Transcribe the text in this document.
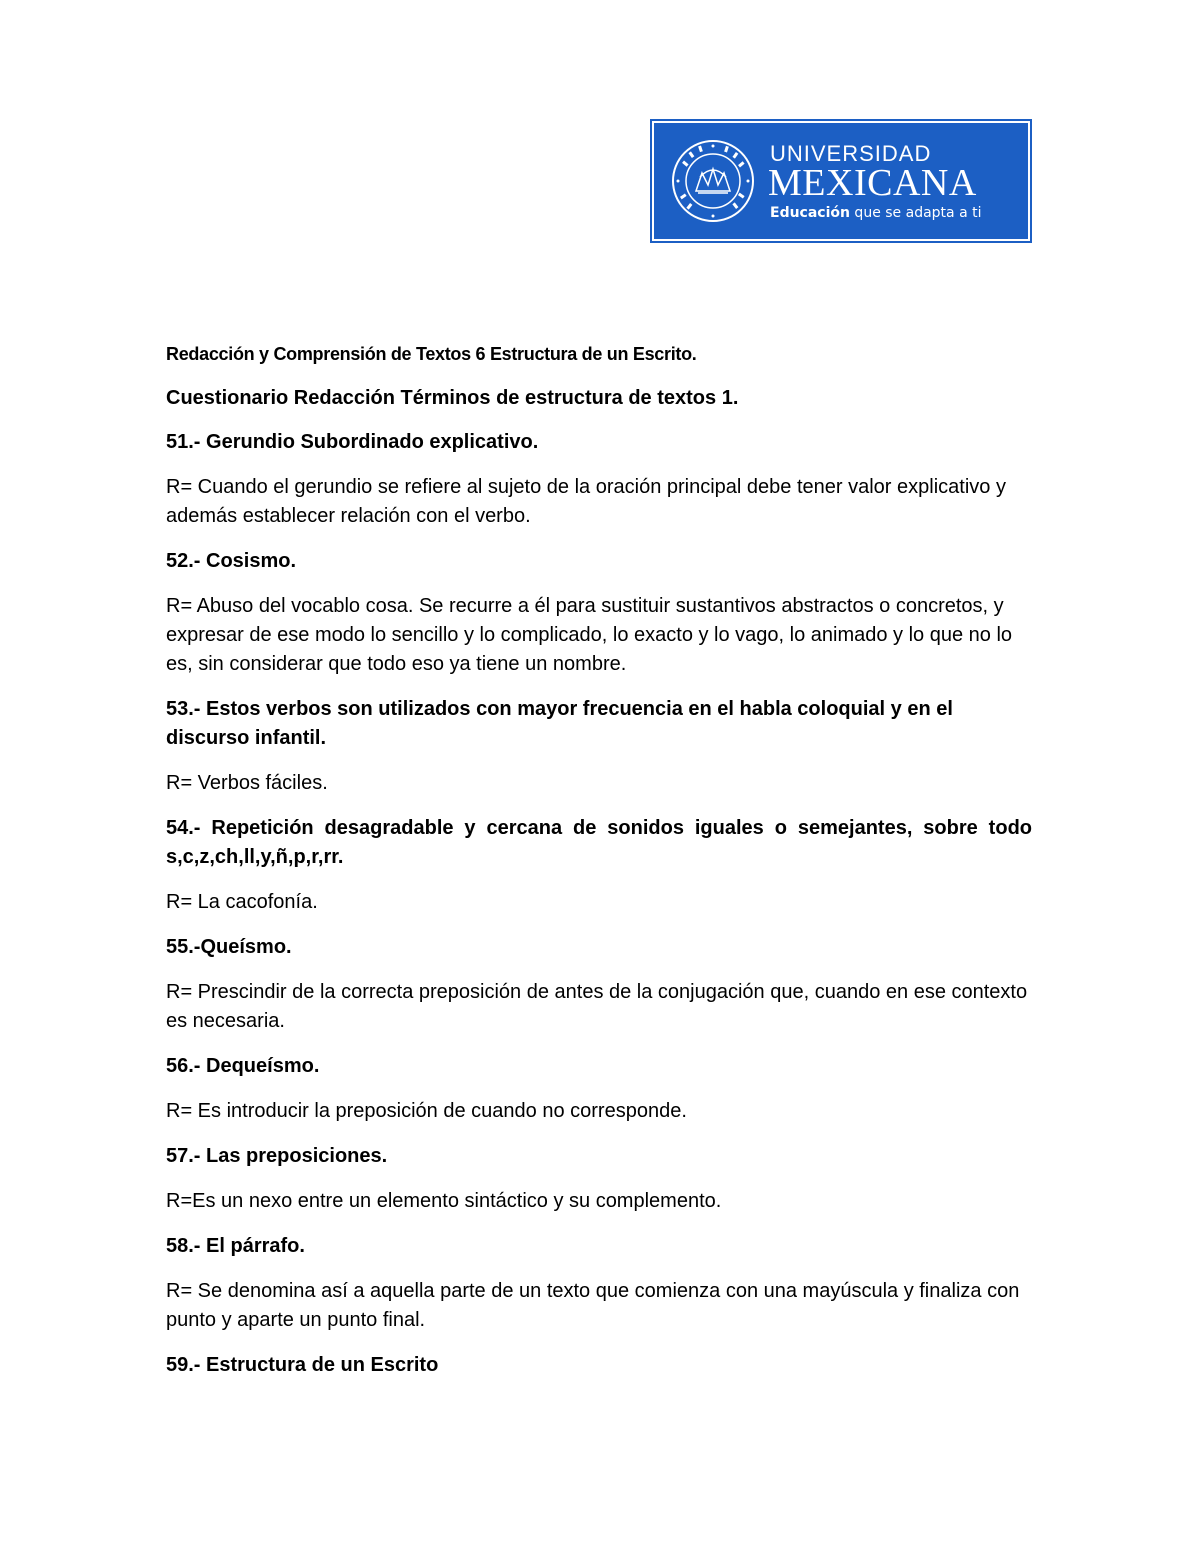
UNIVERSIDAD
MEXICANA
Educación que se adapta a ti

Redacción y Comprensión de Textos 6 Estructura de un Escrito.

Cuestionario Redacción Términos de estructura de textos 1.

51.- Gerundio Subordinado explicativo.

R= Cuando el gerundio se refiere al sujeto de la oración principal debe tener valor explicativo y además establecer relación con el verbo.

52.- Cosismo.

R= Abuso del vocablo cosa. Se recurre a él para sustituir sustantivos abstractos o concretos, y expresar de ese modo lo sencillo y lo complicado, lo exacto y lo vago, lo animado y lo que no lo es, sin considerar que todo eso ya tiene un nombre.

53.- Estos verbos son utilizados con mayor frecuencia en el habla coloquial y en el discurso infantil.

R= Verbos fáciles.

54.- Repetición desagradable y cercana de sonidos iguales o semejantes, sobre todo s,c,z,ch,ll,y,ñ,p,r,rr.

R= La cacofonía.

55.-Queísmo.

R= Prescindir de la correcta preposición de antes de la conjugación que, cuando en ese contexto es necesaria.

56.- Dequeísmo.

R= Es introducir la preposición de cuando no corresponde.

57.- Las preposiciones.

R=Es un nexo entre un elemento sintáctico y su complemento.

58.- El párrafo.

R= Se denomina así a aquella parte de un texto que comienza con una mayúscula y finaliza con punto y aparte un punto final.

59.- Estructura de un Escrito
